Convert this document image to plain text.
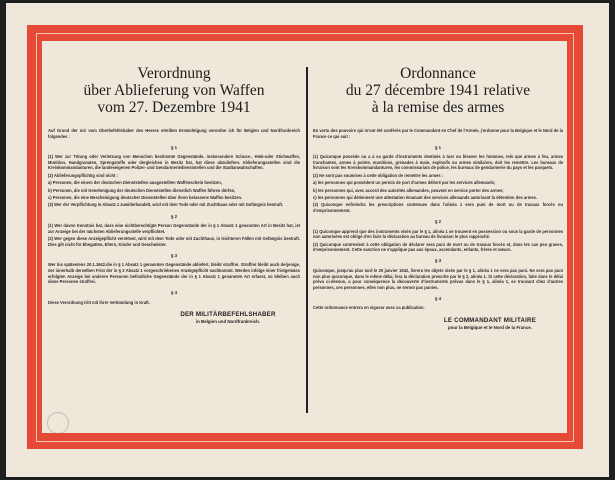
Verordnung
über Ablieferung von Waffen
vom 27. Dezembre 1941

Auf Grund der mir vom Oberbefehlshaber des Heeres erteilten Ermächtigung verordne ich für Belgien und Nordfrankreich folgendes :

§ 1

(1) Wer zur Tötung oder Verletzung von Menschen bestimmte Gegenstände, insbesondere Schuss-, Hieb-oder Stichwaffen, Munition, Handgranaten, Sprengstoffe oder dergleichen in Besitz hat, hat diese abzuliefern. Ablieferungsstellen sind die Kreiskommandanturen, die landeseigenen Polizei- und Gendarmeriedienststellen und die Stadtanwaltschaften.

(2) Ablieferungspflichtig sind nicht :

a) Personen, die einem der deutschen Dienststellen ausgestellten Waffenschein besitzen,

b) Personen, die mit Genehmigung der deutschen Dienststellen dienstlich Waffen führen dürfen,

c) Personen, die eine Bescheinigung deutscher Dienststellen über ihren belassene Waffen besitzen.

(3) Wer der Verpflichtung in Absatz 1 zuwiderhandelt, wird mit dem Tode oder mit Zuchthaus oder mit Gefängnis bestraft.

§ 2

(1) Wer davon Kenntnis hat, dass eine nichtberechtigte Person Gegenstände der in § 1 Absatz 1 genannten Art in Besitz hat, ist zur Anzeige bei der nächsten Ablieferungsstelle verpflichtet.

(2) Wer gegen diese Anzeigepflicht verstösst, wird mit dem Tode oder mit Zuchthaus, in leichteren Fällen mit Gefängnis bestraft. Dies gilt nicht für Ehegatten, Eltern, Kinder und Geschwister.

§ 3

Wer bis spätestens 20.1.1942.die in § 1 Absatz 1 genannten Gegenstände abliefert, bleibt straffrei. Straffrei bleibt auch derjenige, der innerhalb derselben Frist der in § 2 Absatz 1 vorgeschriebenen Anzeigepflicht nachkommt. Werden infolge einer fristgemäss erfolgten Anzeige bei anderen Personen befindliche Gegenstände der in § 1 Absatz 1 genannten Art erfasst, so bleiben auch diese Personen straffrei.

§ 4

Diese Verordnung tritt mit ihrer Verkündung in Kraft.

DER MILITÄRBEFEHLSHABER
in Belgien und Nordfrankreich.
Ordonnance
du 27 décembre 1941 relative
à la remise des armes

En vertu des pouvoirs qui m'ont été conférés par le Commandant en Chef de l'Armée, j'ordonne pour la Belgique et le Nord de la France ce qui suit :

§ 1

(1) Quiconque possède ou a à sa garde d'instruments destinés à tuer ou blesser les hommes, tels que armes à feu, armes tranchantes, armes à pointe, munitions, grenades à main, explosifs ou armes similaires, doit les remettre. Les bureaux de livraison sont les Kreiskommandanturen, les commissariats de police, les bureaux de gendarmerie du pays et les parquets.

(2) Ne sont pas soumises à cette obligation de remettre les armes :

a) les personnes qui possèdent un permis de port d'armes délivré par les services allemands;

b) les personnes qui, avec accord des autorités allemandes, peuvent en service porter des armes;

c) les personnes qui détiennent une attestation émanant des services allemands autorisant la détention des armes.

(3) Quiconque enfreindra les prescriptions contenues dans l'alinéa 1 sera puni de mort ou de travaux forcés ou d'emprisonnement.

§ 2

(1) Quiconque apprend que des instruments visés par le § 1, alinéa 1 se trouvent en possession ou sous la garde de personnes non autorisées est obligé d'en faire la déclaration au bureau de livraison le plus rapproché.

(2) Quiconque contrevient à cette obligation de déclarer sera puni de mort ou de travaux forcés et, dans les cas peu graves, d'emprisonnement. Cette sanction ne s'applique pas aux époux, ascendants, enfants, frères et sœurs.

§ 3

Quiconque, jusqu'au plus tard le 20 janvier 1942, livrera les objets visés par le § 1, alinéa 1 ne sera pas puni. Ne sera pas puni non plus quiconque, dans le même délai, fera la déclaration prescrite par le § 2, alinéa 1. Si cette déclaration, faite dans le délai prévu ci-dessus, a pour conséquence la découverte d'instruments prévus dans le § 1, alinéa 1, se trouvant chez d'autres personnes, ces personnes, elles non plus, ne seront pas punies.

§ 4

Cette ordonnance entrera en vigueur avec sa publication.

LE COMMANDANT MILITAIRE
pour la Belgique et le Nord de la France.
